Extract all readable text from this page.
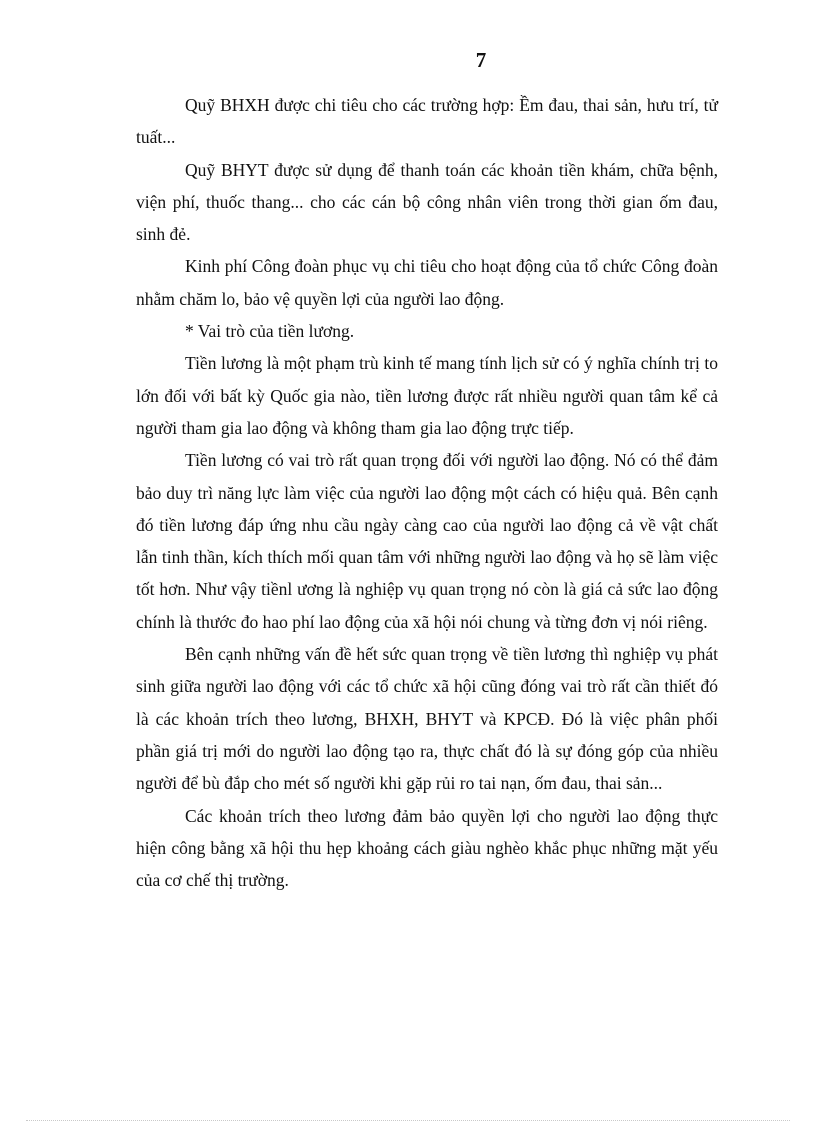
7

Quỹ BHXH được chi tiêu cho các trường hợp: Ềm đau, thai sản, hưu trí, tử tuất...

Quỹ BHYT được sử dụng để thanh toán các khoản tiền khám, chữa bệnh, viện phí, thuốc thang... cho các cán bộ công nhân viên trong thời gian ốm đau, sinh đẻ.

Kinh phí Công đoàn phục vụ chi tiêu cho hoạt động của tổ chức Công đoàn nhằm chăm lo, bảo vệ quyền lợi của người lao động.

* Vai trò của tiền lương.

Tiền lương là một phạm trù kinh tế mang tính lịch sử có ý nghĩa chính trị to lớn đối với bất kỳ Quốc gia nào, tiền lương được rất nhiều người quan tâm kể cả người tham gia lao động và không tham gia lao động trực tiếp.

Tiền lương có vai trò rất quan trọng đối với người lao động. Nó có thể đảm bảo duy trì năng lực làm việc của người lao động một cách có hiệu quả. Bên cạnh đó tiền lương đáp ứng nhu cầu ngày càng cao của người lao động cả về vật chất lẫn tinh thần, kích thích mối quan tâm với những người lao động và họ sẽ làm việc tốt hơn. Như vậy tiềnl ương là nghiệp vụ quan trọng nó còn là giá cả sức lao động chính là thước đo hao phí lao động của xã hội nói chung và từng đơn vị nói riêng.

Bên cạnh những vấn đề hết sức quan trọng về tiền lương thì nghiệp vụ phát sinh giữa người lao động với các tổ chức xã hội cũng đóng vai trò rất cần thiết đó là các khoản trích theo lương, BHXH, BHYT và KPCĐ. Đó là việc phân phối phần giá trị mới do người lao động tạo ra, thực chất đó là sự đóng góp của nhiều người để bù đắp cho mét số người khi gặp rủi ro tai nạn, ốm đau, thai sản...

Các khoản trích theo lương đảm bảo quyền lợi cho người lao động thực hiện công bằng xã hội thu hẹp khoảng cách giàu nghèo khắc phục những mặt yếu của cơ chế thị trường.
